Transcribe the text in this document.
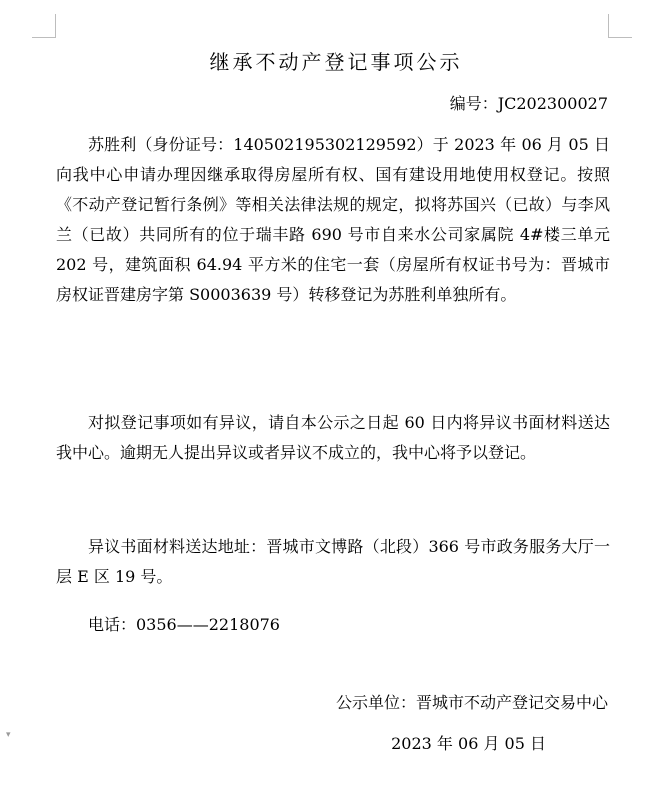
▾
继承不动产登记事项公示
编号：JC202300027

苏胜利（身份证号：140502195302129592）于 2023 年 06 月 05 日向我中心申请办理因继承取得房屋所有权、国有建设用地使用权登记。按照《不动产登记暂行条例》等相关法律法规的规定，拟将苏国兴（已故）与李风兰（已故）共同所有的位于瑞丰路 690 号市自来水公司家属院 4#楼三单元 202 号，建筑面积 64.94 平方米的住宅一套（房屋所有权证书号为：晋城市房权证晋建房字第 S0003639 号）转移登记为苏胜利单独所有。

对拟登记事项如有异议，请自本公示之日起 60 日内将异议书面材料送达我中心。逾期无人提出异议或者异议不成立的，我中心将予以登记。

异议书面材料送达地址：晋城市文博路（北段）366 号市政务服务大厅一层 E 区 19 号。

电话：0356——2218076

公示单位：晋城市不动产登记交易中心
2023 年 06 月 05 日
